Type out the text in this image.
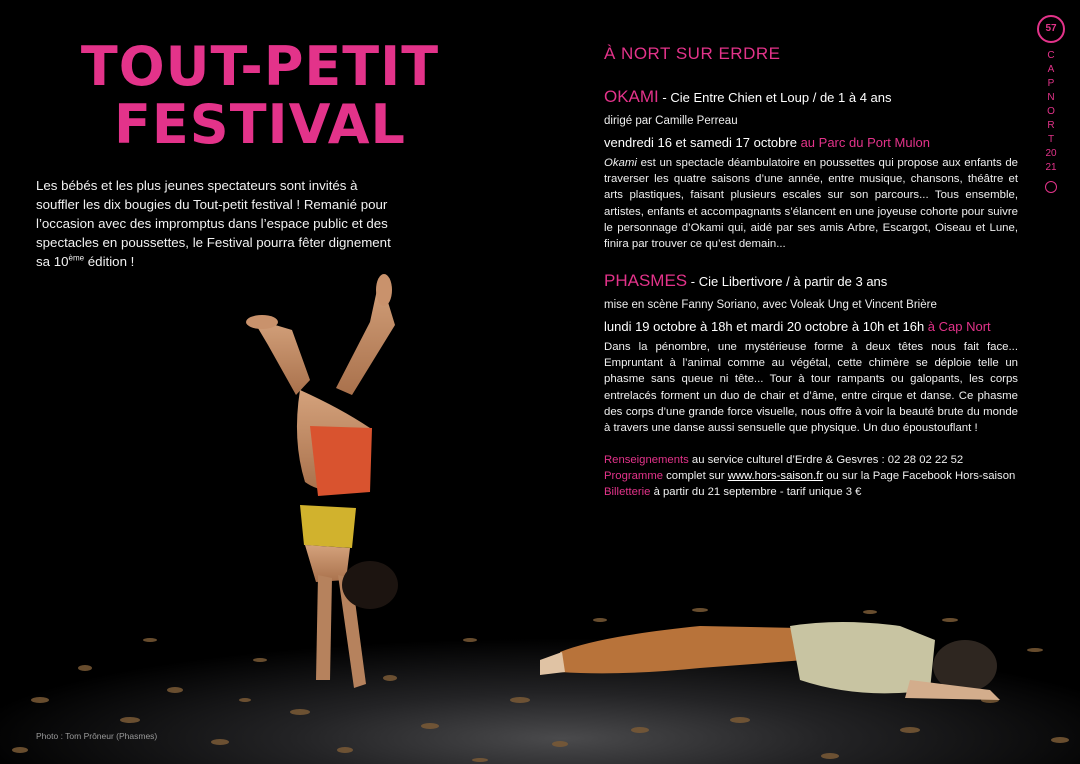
TOUT-PETIT
FESTIVAL

Les bébés et les plus jeunes spectateurs sont invités à souffler les dix bougies du Tout-petit festival ! Remanié pour l’occasion avec des impromptus dans l’espace public et des spectacles en poussettes, le Festival pourra fêter dignement sa 10ème édition !

Photo : Tom Prôneur (Phasmes)

À NORT SUR ERDRE

OKAMI - Cie Entre Chien et Loup / de 1 à 4 ans

dirigé par Camille Perreau

vendredi 16 et samedi 17 octobre au Parc du Port Mulon

Okami est un spectacle déambulatoire en poussettes qui propose aux enfants de traverser les quatre saisons d’une année, entre musique, chansons, théâtre et arts plastiques, faisant plusieurs escales sur son parcours... Tous ensemble, artistes, enfants et accompagnants s’élancent en une joyeuse cohorte pour suivre le personnage d’Okami qui, aidé par ses amis Arbre, Escargot, Oiseau et Lune, finira par trouver ce qu’est demain...

PHASMES - Cie Libertivore / à partir de 3 ans

mise en scène Fanny Soriano, avec Voleak Ung et Vincent Brière

lundi 19 octobre à 18h et mardi 20 octobre à 10h et 16h à Cap Nort

Dans la pénombre, une mystérieuse forme à deux têtes nous fait face... Empruntant à l’animal comme au végétal, cette chimère se déploie telle un phasme sans queue ni tête... Tour à tour rampants ou galopants, les corps entrelacés forment un duo de chair et d’âme, entre cirque et danse. Ce phasme des corps d’une grande force visuelle, nous offre à voir la beauté brute du monde à travers une danse aussi sensuelle que physique. Un duo époustouflant !

Renseignements au service culturel d’Erdre & Gesvres : 02 28 02 22 52

Programme complet sur www.hors-saison.fr ou sur la Page Facebook Hors-saison

Billetterie à partir du 21 septembre - tarif unique 3 €

57
C
A
P
N
O
R
T
20
21
